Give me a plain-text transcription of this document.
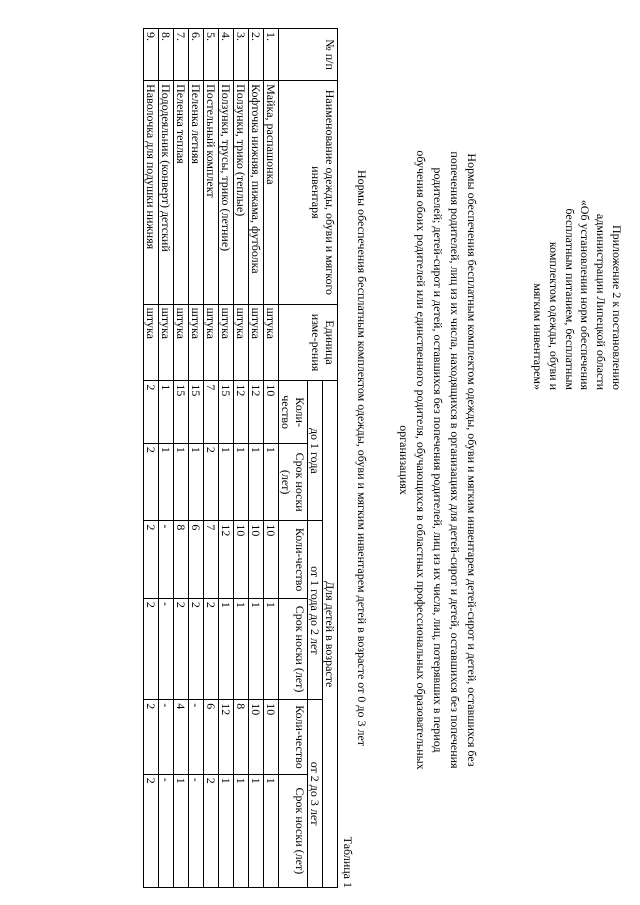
Приложение 2 к постановлению
администрации Липецкой области
«Об установлении норм обеспечения
бесплатным питанием, бесплатным
комплектом одежды, обуви и
мягким инвентарем»
Нормы обеспечения бесплатным комплектом одежды, обуви и мягким инвентарем детей-сирот и детей, оставшихся без
попечения родителей, лиц из их числа, находящихся в организациях для детей-сирот и детей, оставшихся без попечения
родителей; детей-сирот и детей, оставшихся без попечения родителей, лиц из их числа, лиц, потерявших в период
обучения обоих родителей или единственного родителя, обучающихся в областных профессиональных образовательных
организациях
Нормы обеспечения бесплатным комплектом одежды, обуви и мягким инвентарем детей в возрасте от 0 до 3 лет
Таблица 1
№ п/п	Наименование одежды, обуви и мягкого инвентаря	Единица изме-рения	Для детей в возрасте					
			до 1 года		от 1 года до 2 лет		от 2 до 3 лет	
			Коли-чество	Срок носки (лет)	Коли-чество	Срок носки (лет)	Коли-чество	Срок носки (лет)
1.	Майка, распашонка	штука	10	1	10	1	10	1
2.	Кофточка нижняя, пижама, футболка	штука	12	1	10	1	10	1
3.	Ползунки, трико (теплые)	штука	12	1	10	1	8	1
4.	Ползунки, трусы, трико (летние)	штука	15	1	12	1	12	1
5.	Постельный комплект	штука	7	2	7	2	6	2
6.	Пеленка летняя	штука	15	1	6	2	-	-
7.	Пеленка теплая	штука	15	1	8	2	4	1
8.	Пододеяльник (конверт) детский	штука	1	1	-	-	-	-
9.	Наволочка для подушки нижняя	штука	2	2	2	2	2	2
